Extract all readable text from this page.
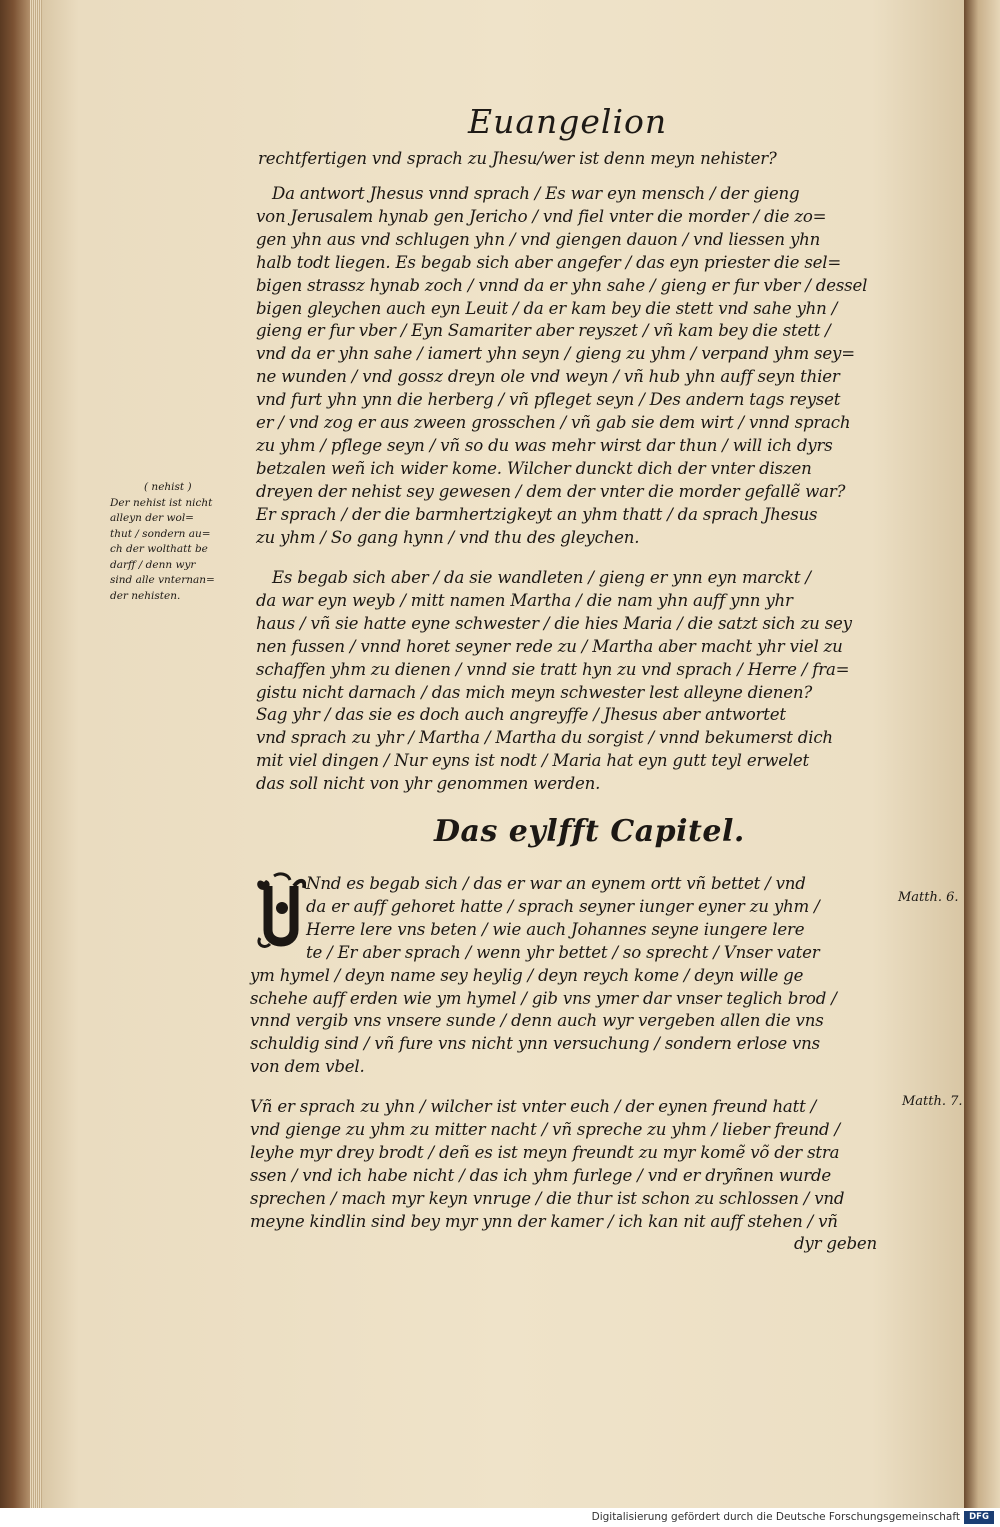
Euangelion
rechtfertigen vnd sprach zu Jhesu/wer ist denn meyn nehister?
Da antwort Jhesus vnnd sprach / Es war eyn mensch / der gieng
von Jerusalem hynab gen Jericho / vnd fiel vnter die morder / die zo=
gen yhn aus vnd schlugen yhn / vnd giengen dauon / vnd liessen yhn
halb todt liegen. Es begab sich aber angefer / das eyn priester die sel=
bigen strassz hynab zoch / vnnd da er yhn sahe / gieng er fur vber / dessel
bigen gleychen auch eyn Leuit / da er kam bey die stett vnd sahe yhn /
gieng er fur vber / Eyn Samariter aber reyszet / vñ kam bey die stett /
vnd da er yhn sahe / iamert yhn seyn / gieng zu yhm / verpand yhm sey=
ne wunden / vnd gossz dreyn ole vnd weyn / vñ hub yhn auff seyn thier
vnd furt yhn ynn die herberg / vñ pfleget seyn / Des andern tags reyset
er / vnd zog er aus zween grosschen / vñ gab sie dem wirt / vnnd sprach
zu yhm / pflege seyn / vñ so du was mehr wirst dar thun / will ich dyrs
betzalen weñ ich wider kome. Wilcher dunckt dich der vnter diszen
dreyen der nehist sey gewesen / dem der vnter die morder gefallẽ war?
Er sprach / der die barmhertzigkeyt an yhm thatt / da sprach Jhesus
zu yhm / So gang hynn / vnd thu des gleychen.
( nehist )
Der nehist ist nicht
alleyn der wol=
thut / sondern au=
ch der wolthatt be
darff / denn wyr
sind alle vnternan=
der nehisten.
Es begab sich aber / da sie wandleten / gieng er ynn eyn marckt /
da war eyn weyb / mitt namen Martha / die nam yhn auff ynn yhr
haus / vñ sie hatte eyne schwester / die hies Maria / die satzt sich zu sey
nen fussen / vnnd horet seyner rede zu / Martha aber macht yhr viel zu
schaffen yhm zu dienen / vnnd sie tratt hyn zu vnd sprach / Herre / fra=
gistu nicht darnach / das mich meyn schwester lest alleyne dienen?
Sag yhr / das sie es doch auch angreyffe / Jhesus aber antwortet
vnd sprach zu yhr / Martha / Martha du sorgist / vnnd bekumerst dich
mit viel dingen / Nur eyns ist nodt / Maria hat eyn gutt teyl erwelet
das soll nicht von yhr genommen werden.
Das eylfft Capitel.
Nnd es begab sich / das er war an eynem ortt vñ bettet / vnd
da er auff gehoret hatte / sprach seyner iunger eyner zu yhm /
Herre lere vns beten / wie auch Johannes seyne iungere lere
te / Er aber sprach / wenn yhr bettet / so sprecht / Vnser vater
ym hymel / deyn name sey heylig / deyn reych kome / deyn wille ge
schehe auff erden wie ym hymel / gib vns ymer dar vnser teglich brod /
vnnd vergib vns vnsere sunde / denn auch wyr vergeben allen die vns
schuldig sind / vñ fure vns nicht ynn versuchung / sondern erlose vns
von dem vbel.
Vñ er sprach zu yhn / wilcher ist vnter euch / der eynen freund hatt /
vnd gienge zu yhm zu mitter nacht / vñ spreche zu yhm / lieber freund /
leyhe myr drey brodt / deñ es ist meyn freundt zu myr komẽ võ der stra
ssen / vnd ich habe nicht / das ich yhm furlege / vnd er dryñnen wurde
sprechen / mach myr keyn vnruge / die thur ist schon zu schlossen / vnd
meyne kindlin sind bey myr ynn der kamer / ich kan nit auff stehen / vñ
dyr geben
Matth. 6.
Matth. 7.
Digitalisierung gefördert durch die Deutsche Forschungsgemeinschaft	DFG
